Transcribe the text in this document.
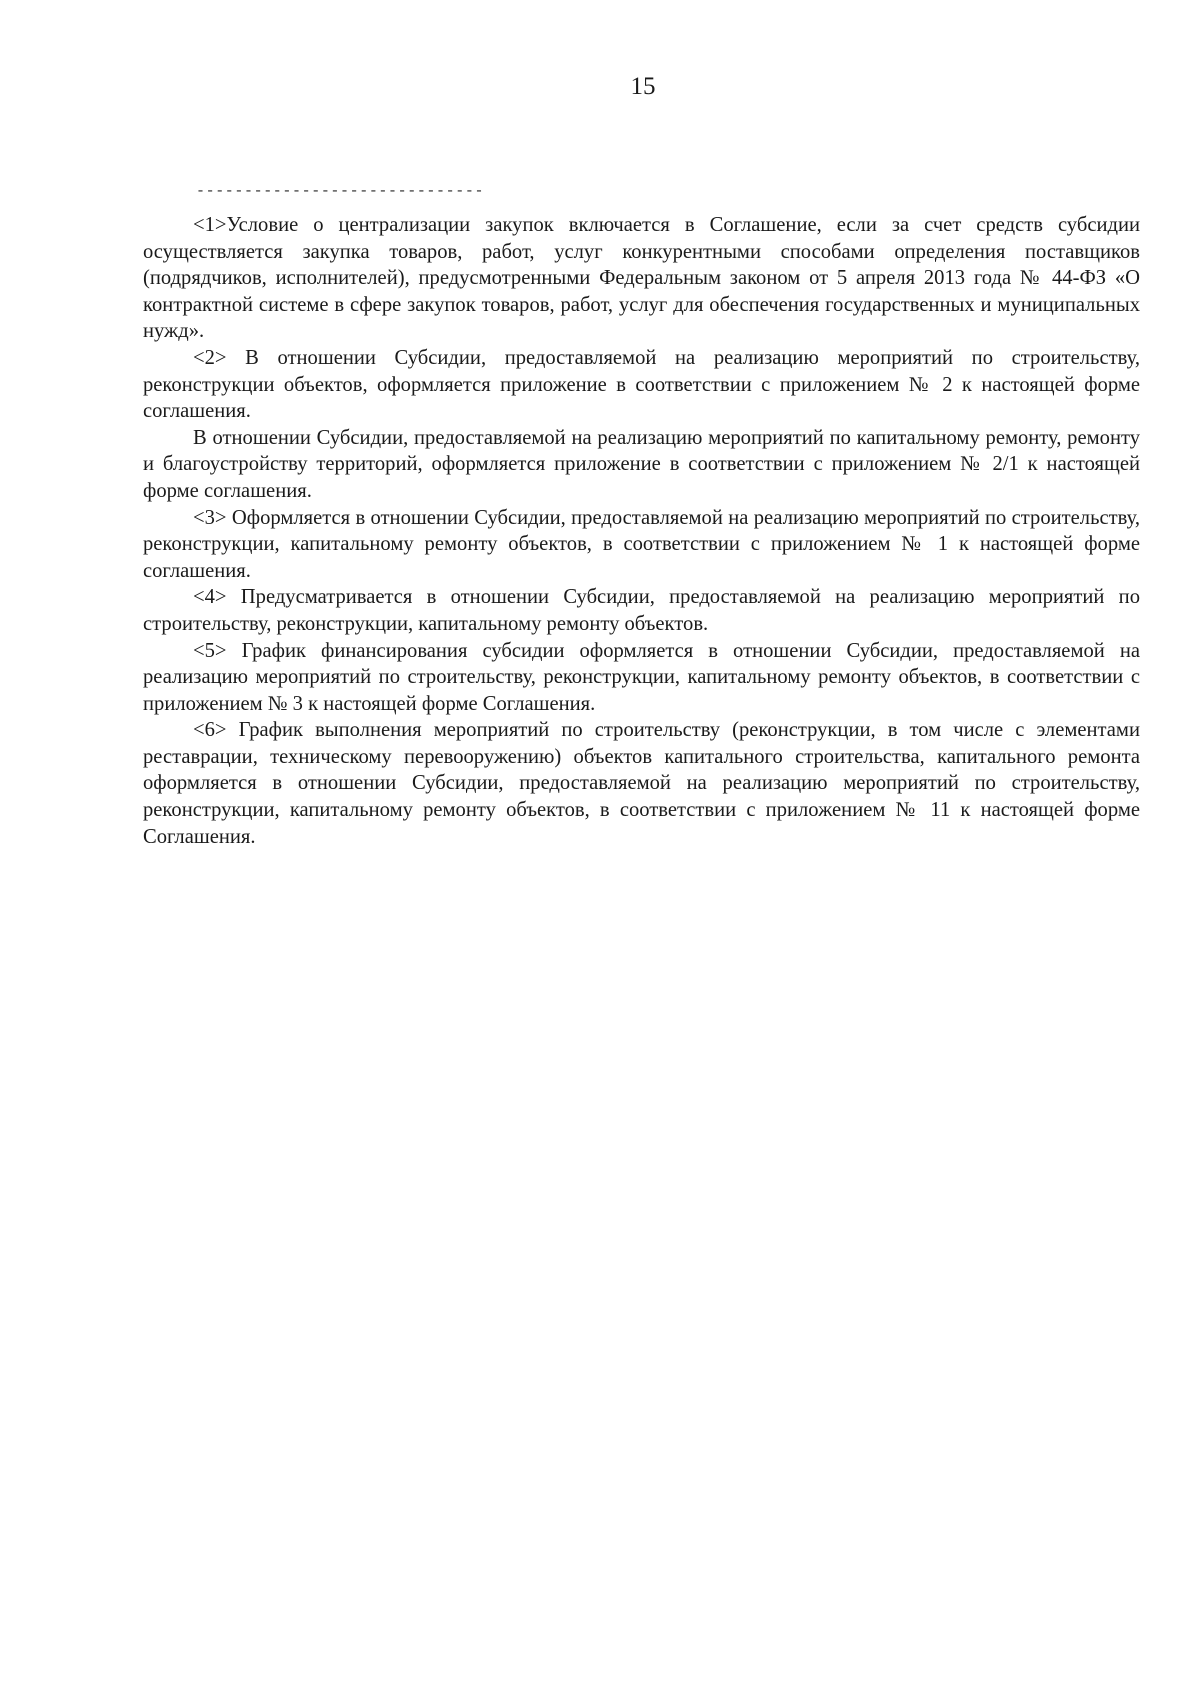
15
------------------------------

<1>Условие о централизации закупок включается в Соглашение, если за счет средств субсидии осуществляется закупка товаров, работ, услуг конкурентными способами определения поставщиков (подрядчиков, исполнителей), предусмотренными Федеральным законом от 5 апреля 2013 года № 44-ФЗ «О контрактной системе в сфере закупок товаров, работ, услуг для обеспечения государственных и муниципальных нужд».

<2> В отношении Субсидии, предоставляемой на реализацию мероприятий по строительству, реконструкции объектов, оформляется приложение в соответствии с приложением № 2 к настоящей форме соглашения.

В отношении Субсидии, предоставляемой на реализацию мероприятий по капитальному ремонту, ремонту и благоустройству территорий, оформляется приложение в соответствии с приложением № 2/1 к настоящей форме соглашения.

<3> Оформляется в отношении Субсидии, предоставляемой на реализацию мероприятий по строительству, реконструкции, капитальному ремонту объектов, в соответствии с приложением № 1 к настоящей форме соглашения.

<4> Предусматривается в отношении Субсидии, предоставляемой на реализацию мероприятий по строительству, реконструкции, капитальному ремонту объектов.

<5> График финансирования субсидии оформляется в отношении Субсидии, предоставляемой на реализацию мероприятий по строительству, реконструкции, капитальному ремонту объектов, в соответствии с приложением № 3 к настоящей форме Соглашения.

<6> График выполнения мероприятий по строительству (реконструкции, в том числе с элементами реставрации, техническому перевооружению) объектов капитального строительства, капитального ремонта оформляется в отношении Субсидии, предоставляемой на реализацию мероприятий по строительству, реконструкции, капитальному ремонту объектов, в соответствии с приложением № 11 к настоящей форме Соглашения.
